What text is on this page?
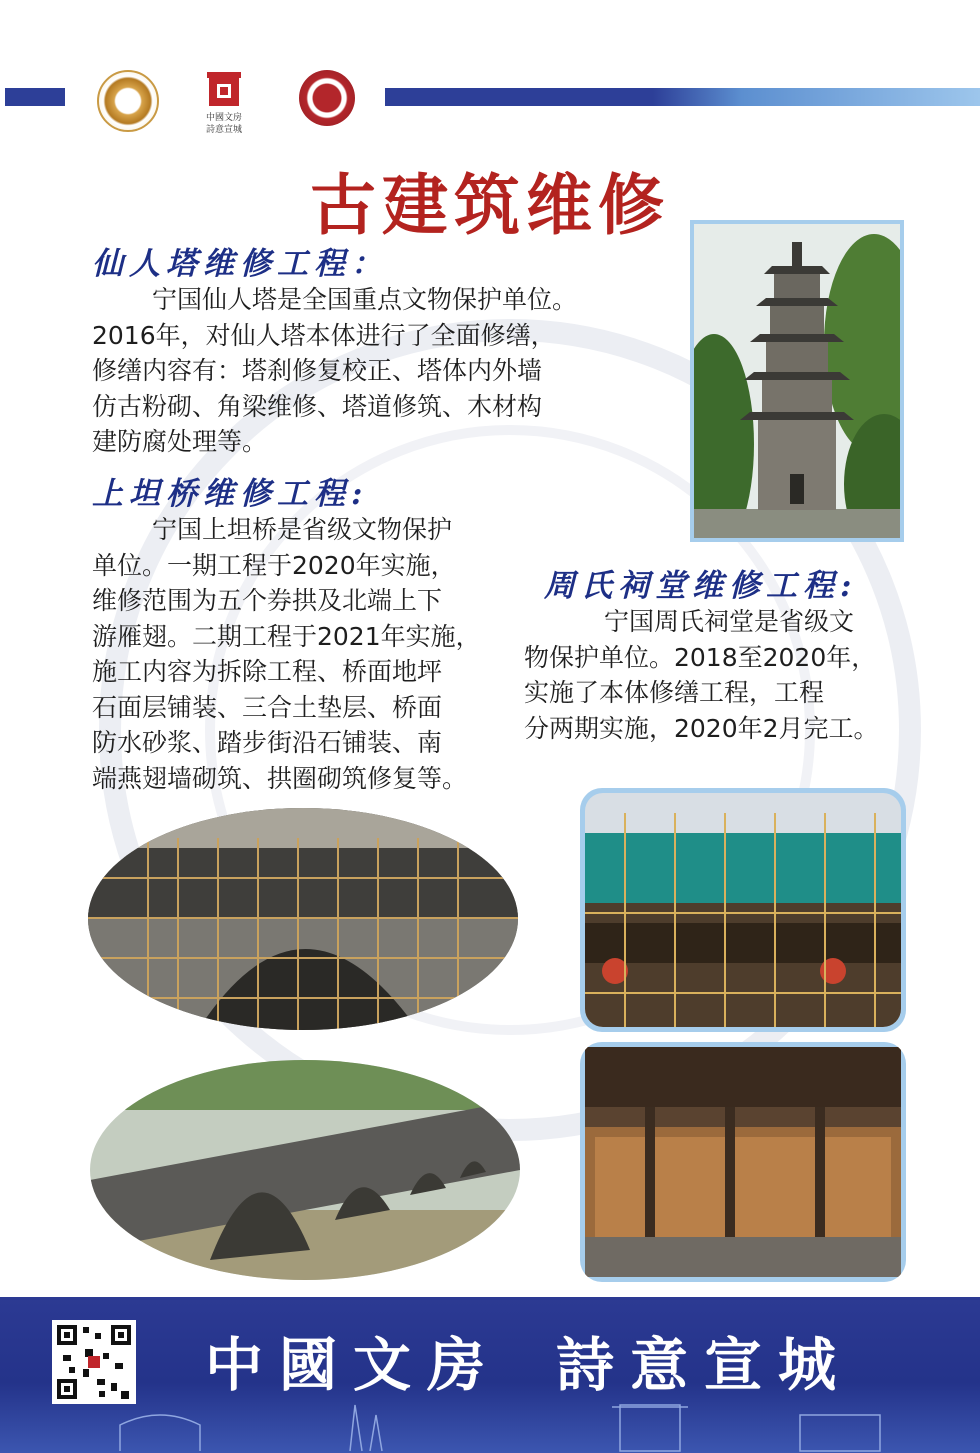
中國文房
詩意宣城
古建筑维修
仙人塔维修工程：
宁国仙人塔是全国重点文物保护单位。
2016年，对仙人塔本体进行了全面修缮，
修缮内容有：塔刹修复校正、塔体内外墙
仿古粉砌、角梁维修、塔道修筑、木材构
建防腐处理等。
上坦桥维修工程:
宁国上坦桥是省级文物保护
单位。一期工程于2020年实施，
维修范围为五个券拱及北端上下
游雁翅。二期工程于2021年实施，
施工内容为拆除工程、桥面地坪
石面层铺装、三合土垫层、桥面
防水砂浆、踏步街沿石铺装、南
端燕翅墙砌筑、拱圈砌筑修复等。
周氏祠堂维修工程:
宁国周氏祠堂是省级文
物保护单位。2018至2020年，
实施了本体修缮工程，工程
分两期实施，2020年2月完工。
中國文房 詩意宣城
